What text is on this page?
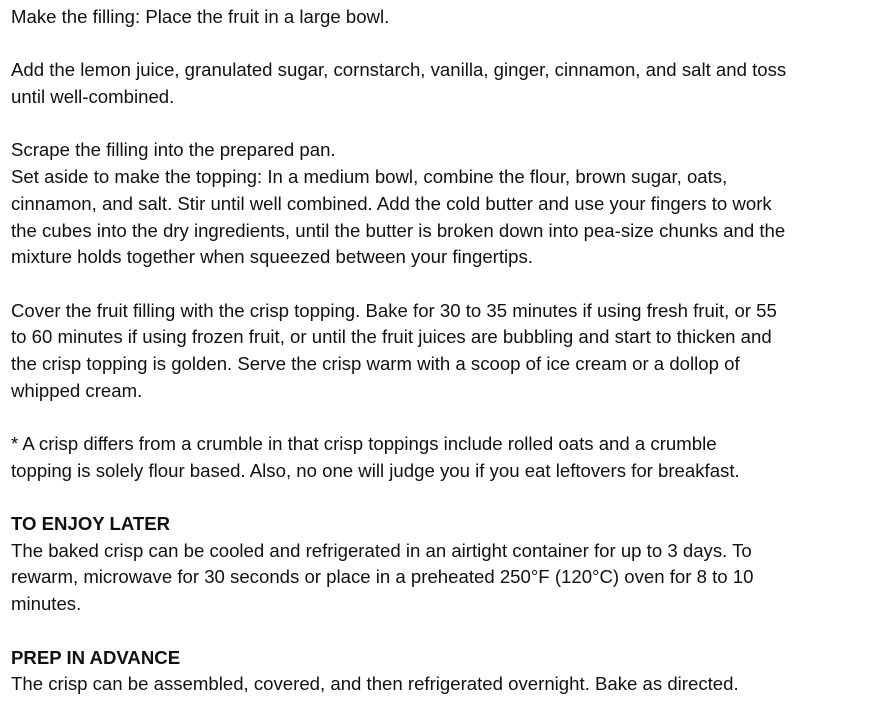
Make the filling: Place the fruit in a large bowl.
Add the lemon juice, granulated sugar, cornstarch, vanilla, ginger, cinnamon, and salt and toss
until well-combined.
Scrape the filling into the prepared pan.
Set aside to make the topping: In a medium bowl, combine the flour, brown sugar, oats,
cinnamon, and salt. Stir until well combined. Add the cold butter and use your fingers to work
the cubes into the dry ingredients, until the butter is broken down into pea-size chunks and the
mixture holds together when squeezed between your fingertips.
Cover the fruit filling with the crisp topping. Bake for 30 to 35 minutes if using fresh fruit, or 55
to 60 minutes if using frozen fruit, or until the fruit juices are bubbling and start to thicken and
the crisp topping is golden. Serve the crisp warm with a scoop of ice cream or a dollop of
whipped cream.
* A crisp differs from a crumble in that crisp toppings include rolled oats and a crumble
topping is solely flour based. Also, no one will judge you if you eat leftovers for breakfast.
TO ENJOY LATER
The baked crisp can be cooled and refrigerated in an airtight container for up to 3 days. To
rewarm, microwave for 30 seconds or place in a preheated 250°F (120°C) oven for 8 to 10
minutes.
PREP IN ADVANCE
The crisp can be assembled, covered, and then refrigerated overnight. Bake as directed.
